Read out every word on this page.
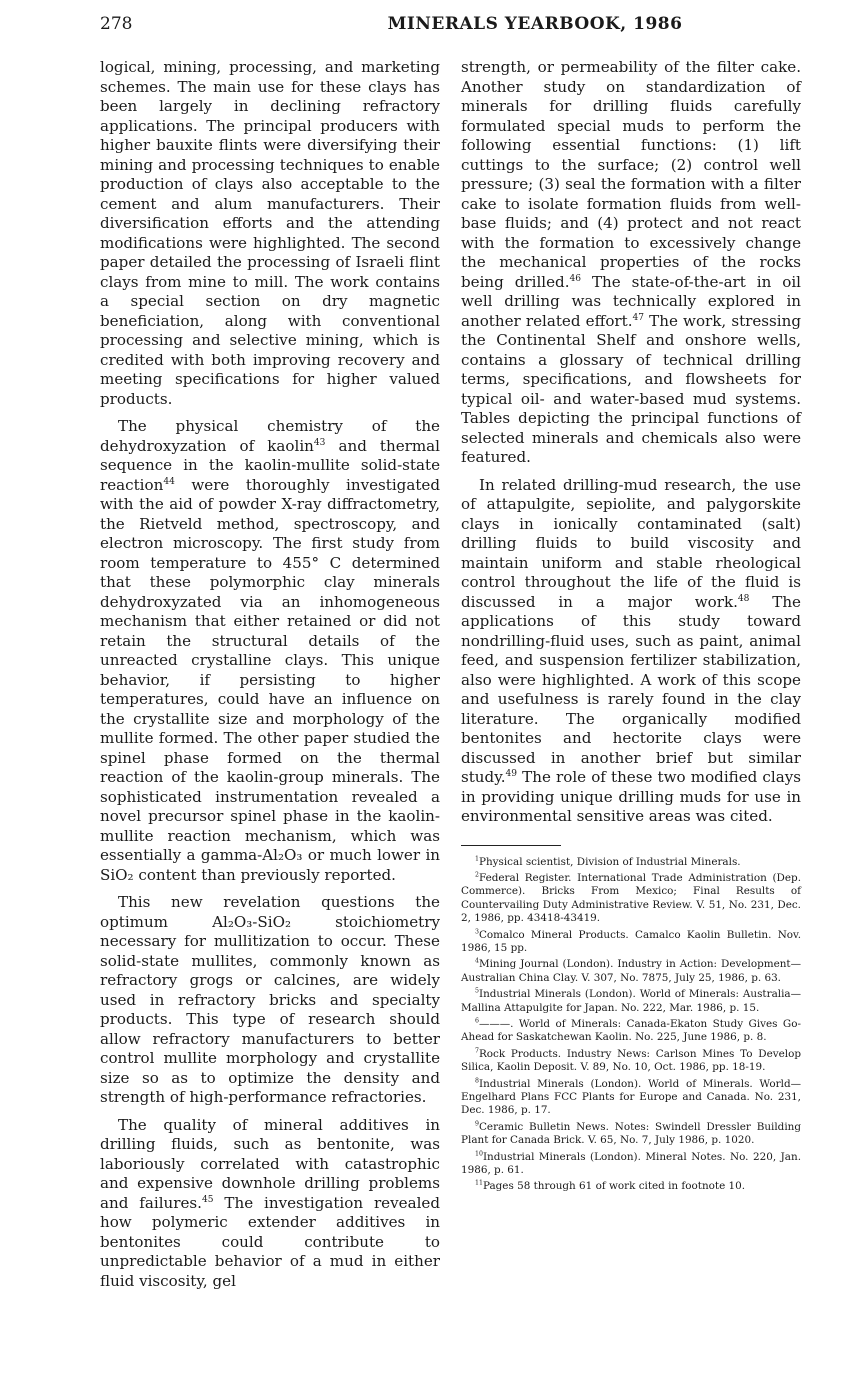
278	MINERALS YEARBOOK, 1986

logical, mining, processing, and marketing schemes. The main use for these clays has been largely in declining refractory applications. The principal producers with higher bauxite flints were diversifying their mining and processing techniques to enable production of clays also acceptable to the cement and alum manufacturers. Their diversification efforts and the attending modifications were highlighted. The second paper detailed the processing of Israeli flint clays from mine to mill. The work contains a special section on dry magnetic beneficiation, along with conventional processing and selective mining, which is credited with both improving recovery and meeting specifications for higher valued products.

The physical chemistry of the dehydroxyzation of kaolin$^{43}$ and thermal sequence in the kaolin-mullite solid-state reaction$^{44}$ were thoroughly investigated with the aid of powder X-ray diffractometry, the Rietveld method, spectroscopy, and electron microscopy. The first study from room temperature to 455° C determined that these polymorphic clay minerals dehydroxyzated via an inhomogeneous mechanism that either retained or did not retain the structural details of the unreacted crystalline clays. This unique behavior, if persisting to higher temperatures, could have an influence on the crystallite size and morphology of the mullite formed. The other paper studied the spinel phase formed on the thermal reaction of the kaolin-group minerals. The sophisticated instrumentation revealed a novel precursor spinel phase in the kaolin-mullite reaction mechanism, which was essentially a gamma-Al₂O₃ or much lower in SiO₂ content than previously reported.

This new revelation questions the optimum Al₂O₃-SiO₂ stoichiometry necessary for mullitization to occur. These solid-state mullites, commonly known as refractory grogs or calcines, are widely used in refractory bricks and specialty products. This type of research should allow refractory manufacturers to better control mullite morphology and crystallite size so as to optimize the density and strength of high-performance refractories.

The quality of mineral additives in drilling fluids, such as bentonite, was laboriously correlated with catastrophic and expensive downhole drilling problems and failures.$^{45}$ The investigation revealed how polymeric extender additives in bentonites could contribute to unpredictable behavior of a mud in either fluid viscosity, gel

strength, or permeability of the filter cake. Another study on standardization of minerals for drilling fluids carefully formulated special muds to perform the following essential functions: (1) lift cuttings to the surface; (2) control well pressure; (3) seal the formation with a filter cake to isolate formation fluids from well-base fluids; and (4) protect and not react with the formation to excessively change the mechanical properties of the rocks being drilled.$^{46}$ The state-of-the-art in oil well drilling was technically explored in another related effort.$^{47}$ The work, stressing the Continental Shelf and onshore wells, contains a glossary of technical drilling terms, specifications, and flowsheets for typical oil- and water-based mud systems. Tables depicting the principal functions of selected minerals and chemicals also were featured.

In related drilling-mud research, the use of attapulgite, sepiolite, and palygorskite clays in ionically contaminated (salt) drilling fluids to build viscosity and maintain uniform and stable rheological control throughout the life of the fluid is discussed in a major work.$^{48}$ The applications of this study toward nondrilling-fluid uses, such as paint, animal feed, and suspension fertilizer stabilization, also were highlighted. A work of this scope and usefulness is rarely found in the clay literature. The organically modified bentonites and hectorite clays were discussed in another brief but similar study.$^{49}$ The role of these two modified clays in providing unique drilling muds for use in environmental sensitive areas was cited.

$^1$Physical scientist, Division of Industrial Minerals.

$^2$Federal Register. International Trade Administration (Dep. Commerce). Bricks From Mexico; Final Results of Countervailing Duty Administrative Review. V. 51, No. 231, Dec. 2, 1986, pp. 43418-43419.

$^3$Comalco Mineral Products. Camalco Kaolin Bulletin. Nov. 1986, 15 pp.

$^4$Mining Journal (London). Industry in Action: Development—Australian China Clay. V. 307, No. 7875, July 25, 1986, p. 63.

$^5$Industrial Minerals (London). World of Minerals: Australia—Mallina Attapulgite for Japan. No. 222, Mar. 1986, p. 15.

$^6$———. World of Minerals: Canada-Ekaton Study Gives Go-Ahead for Saskatchewan Kaolin. No. 225, June 1986, p. 8.

$^7$Rock Products. Industry News: Carlson Mines To Develop Silica, Kaolin Deposit. V. 89, No. 10, Oct. 1986, pp. 18-19.

$^8$Industrial Minerals (London). World of Minerals. World—Engelhard Plans FCC Plants for Europe and Canada. No. 231, Dec. 1986, p. 17.

$^9$Ceramic Bulletin News. Notes: Swindell Dressler Building Plant for Canada Brick. V. 65, No. 7, July 1986, p. 1020.

$^{10}$Industrial Minerals (London). Mineral Notes. No. 220, Jan. 1986, p. 61.

$^{11}$Pages 58 through 61 of work cited in footnote 10.
